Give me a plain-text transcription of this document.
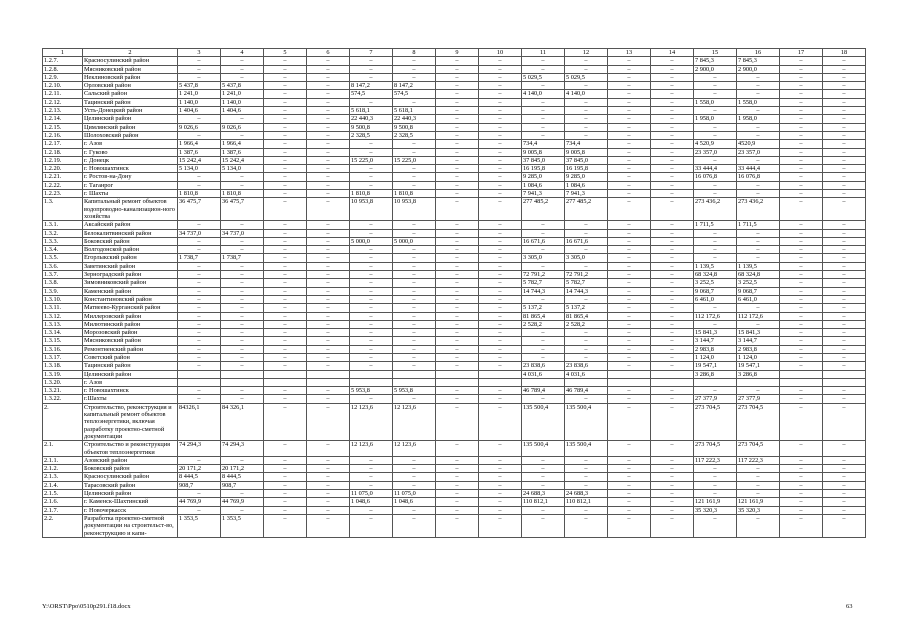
1	2	3	4	5	6	7	8	9	10	11	12	13	14	15	16	17	18
1.2.7.	Красносулинский район	–	–	–	–	–	–	–	–	–	–	–	–	7 845,3	7 845,3	–	–
1.2.8.	Мясниковский район	–	–	–	–	–	–	–	–	–	–	–	–	2 900,0	2 900,0	–	–
1.2.9.	Неклиновский район	–	–	–	–	–	–	–	–	5 029,5	5 029,5	–	–	–	–	–	–
1.2.10.	Орловский район	5 437,8	5 437,8	–	–	8 147,2	8 147,2	–	–	–	–	–	–	–	–	–	–
1.2.11.	Сальский район	1 241,0	1 241,0	–	–	574,5	574,5	–	–	4 140,0	4 140,0	–	–	–	–	–	–
1.2.12.	Тацинский район	1 140,0	1 140,0	–	–	–	–	–	–	–	–	–	–	1 558,0	1 558,0	–	–
1.2.13.	Усть-Донецкий район	1 404,6	1 404,6	–	–	5 618,1	5 618,1	–	–	–	–	–	–	–	–	–	–
1.2.14.	Целинский район	–	–	–	–	22 440,3	22 440,3	–	–	–	–	–	–	1 958,0	1 958,0	–	–
1.2.15.	Цимлянский район	9 026,6	9 026,6	–	–	9 500,8	9 500,8	–	–	–	–	–	–	–	–	–	–
1.2.16.	Шолоховский район	–	–	–	–	2 328,5	2 328,5	–	–	–	–	–	–	–	–	–	–
1.2.17.	г. Азов	1 966,4	1 966,4	–	–	–	–	–	–	734,4	734,4	–	–	4 520,9	4520,9	–	–
1.2.18.	г. Гуково	1 387,6	1 387,6	–	–	–	–	–	–	9 005,8	9 005,8	–	–	23 357,0	23 357,0	–	–
1.2.19.	г. Донецк	15 242,4	15 242,4	–	–	15 225,0	15 225,0	–	–	37 845,0	37 845,0	–	–	–	–	–	–
1.2.20.	г. Новошахтинск	5 134,0	5 134,0	–	–	–	–	–	–	16 195,8	16 195,8	–	–	33 444,4	33 444,4	–	–
1.2.21.	г. Ростов-на-Дону	–	–	–	–	–	–	–	–	9 285,0	9 285,0	–	–	16 076,8	16 076,8	–	–
1.2.22.	г. Таганрог	–	–	–	–	–	–	–	–	1 084,6	1 084,6	–	–	–	–	–	–
1.2.23.	г. Шахты	1 810,8	1 810,8	–	–	1 810,8	1 810,8	–	–	7 941,3	7 941,3	–	–	–	–	–	–
1.3.	Капитальный ремонт объектов водопроводно-канализацион-ного хозяйства	36 475,7	36 475,7	–	–	10 953,8	10 953,8	–	–	277 485,2	277 485,2	–	–	273 436,2	273 436,2	–	–
1.3.1.	Аксайский район	–	–	–	–	–	–	–	–	–	–	–	–	1 711,5	1 711,5	–	–
1.3.2.	Белокалитвинский район	34 737,0	34 737,0	–	–	–	–	–	–	–	–	–	–	–	–	–	–
1.3.3.	Боковский район	–	–	–	–	5 000,0	5 000,0	–	–	16 671,6	16 671,6	–	–	–	–	–	–
1.3.4.	Волгодонской район	–	–	–	–	–	–	–	–	–	–	–	–	–	–	–	–
1.3.5.	Егорлыкский район	1 738,7	1 738,7	–	–	–	–	–	–	3 305,0	3 305,0	–	–	–	–	–	–
1.3.6.	Заветинский район	–	–	–	–	–	–	–	–	–	–	–	–	1 139,5	1 139,5	–	–
1.3.7.	Зерноградский район	–	–	–	–	–	–	–	–	72 791,2	72 791,2	–	–	68 324,8	68 324,8	–	–
1.3.8.	Зимовниковский район	–	–	–	–	–	–	–	–	5 782,7	5 782,7	–	–	3 252,5	3 252,5	–	–
1.3.9.	Каменский район	–	–	–	–	–	–	–	–	14 744,3	14 744,3	–	–	9 068,7	9 068,7	–	–
1.3.10.	Константиновский район	–	–	–	–	–	–	–	–	–	–	–	–	6 461,0	6 461,0	–	–
1.3.11.	Матвеево-Курганский район	–	–	–	–	–	–	–	–	5 137,2	5 137,2	–	–	–	–	–	–
1.3.12.	Миллеровский район	–	–	–	–	–	–	–	–	81 865,4	81 865,4	–	–	112 172,6	112 172,6	–	–
1.3.13.	Милютинский район	–	–	–	–	–	–	–	–	2 528,2	2 528,2	–	–	–	–	–	–
1.3.14.	Морозовский район	–	–	–	–	–	–	–	–	–	–	–	–	15 841,3	15 841,3	–	–
1.3.15.	Мясниковский район	–	–	–	–	–	–	–	–	–	–	–	–	3 144,7	3 144,7	–	–
1.3.16.	Ремонтненский район	–	–	–	–	–	–	–	–	–	–	–	–	2 983,8	2 983,8	–	–
1.3.17.	Советский район	–	–	–	–	–	–	–	–	–	–	–	–	1 124,0	1 124,0	–	–
1.3.18.	Тацинский район	–	–	–	–	–	–	–	–	23 838,6	23 838,6	–	–	19 547,1	19 547,1	–	–
1.3.19.	Целинский район									4 031,6	4 031,6			3 286,8	3 286,8		
1.3.20.	г. Азов																
1.3.21.	г. Новошахтинск	–	–	–	–	5 953,8	5 953,8	–	–	46 789,4	46 789,4	–	–	–	–	–	–
1.3.22.	г.Шахты	–	–	–	–	–	–	–	–	–	–	–	–	27 377,9	27 377,9	–	–
2.	Строительство, реконструкция и капитальный ремонт объектов теплоэнергетики, включая разработку проектно-сметной документации	84326,1	84 326,1	–	–	12 123,6	12 123,6	–	–	135 500,4	135 500,4	–	–	273 704,5	273 704,5	–	–
2.1.	Строительство и реконструкция объектов теплоэнергетики	74 294,3	74 294,3	–	–	12 123,6	12 123,6	–	–	135 500,4	135 500,4	–	–	273 704,5	273 704,5	–	–
2.1.1.	Азовский район	–	–	–	–	–	–	–	–	–	–	–	–	117 222,3	117 222,3	–	–
2.1.2.	Боковский район	20 171,2	20 171,2	–	–	–	–	–	–	–	–	–	–	–	–	–	–
2.1.3.	Красносулинский район	8 444,5	8 444,5	–	–	–	–	–	–	–	–	–	–	–	–	–	–
2.1.4.	Тарасовский район	908,7	908,7	–	–	–	–	–	–	–	–	–	–	–	–	–	–
2.1.5.	Целинский район	–	–	–	–	11 075,0	11 075,0	–	–	24 688,3	24 688,3	–	–	–	–	–	–
2.1.6.	г. Каменск-Шахтинский	44 769,9	44 769,9	–	–	1 048,6	1 048,6	–	–	110 812,1	110 812,1	–	–	121 161,9	121 161,9	–	–
2.1.7.	г. Новочеркасск	–	–	–	–	–	–	–	–	–	–	–	–	35 320,3	35 320,3	–	–
2.2.	Разработка проектно-сметной документации на строительст-во, реконструкцию и капи-	1 353,5	1 353,5	–	–	–	–	–	–	–	–	–	–	–	–	–	–
Y:\ORST\Ppo\0510p291.f18.docx	63
